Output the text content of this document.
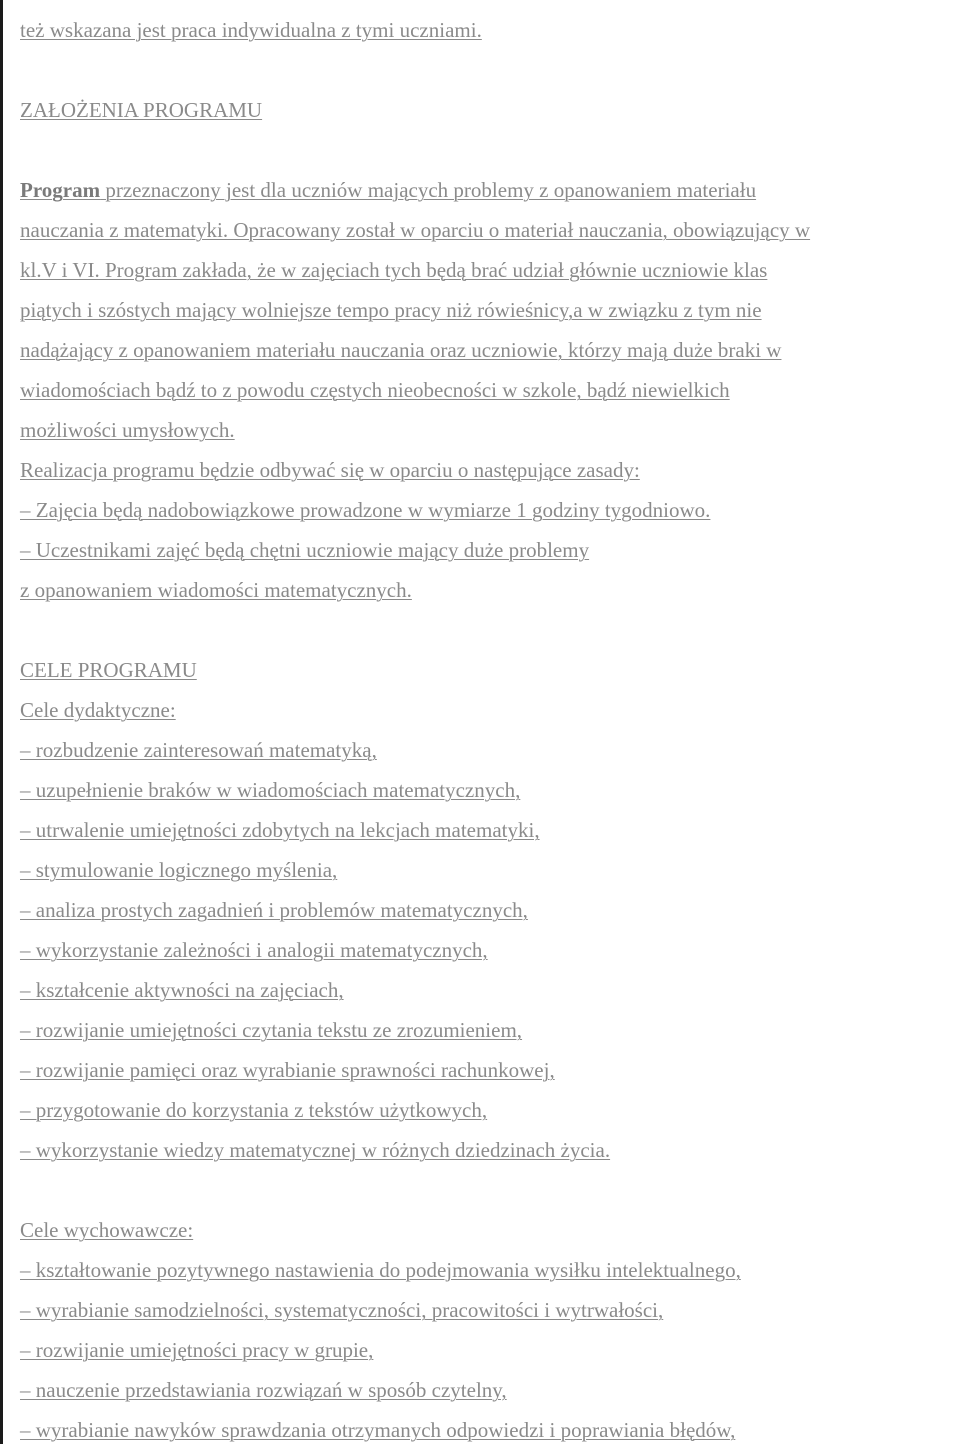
też wskazana jest praca indywidualna z tymi uczniami.
ZAŁOŻENIA PROGRAMU
Program przeznaczony jest dla uczniów mających problemy z opanowaniem materiału
nauczania z matematyki. Opracowany został w oparciu o materiał nauczania, obowiązujący w
kl.V i VI. Program zakłada, że w zajęciach tych będą brać udział głównie uczniowie klas
piątych i szóstych mający wolniejsze tempo pracy niż rówieśnicy,a w związku z tym nie
nadążający z opanowaniem materiału nauczania oraz uczniowie, którzy mają duże braki w
wiadomościach bądź to z powodu częstych nieobecności w szkole, bądź niewielkich
możliwości umysłowych.
Realizacja programu będzie odbywać się w oparciu o następujące zasady:
– Zajęcia będą nadobowiązkowe prowadzone w wymiarze 1 godziny tygodniowo.
– Uczestnikami zajęć będą chętni uczniowie mający duże problemy
z opanowaniem wiadomości matematycznych.
CELE PROGRAMU
Cele dydaktyczne:
– rozbudzenie zainteresowań matematyką,
– uzupełnienie braków w wiadomościach matematycznych,
– utrwalenie umiejętności zdobytych na lekcjach matematyki,
– stymulowanie logicznego myślenia,
– analiza prostych zagadnień i problemów matematycznych,
– wykorzystanie zależności i analogii matematycznych,
– kształcenie aktywności na zajęciach,
– rozwijanie umiejętności czytania tekstu ze zrozumieniem,
– rozwijanie pamięci oraz wyrabianie sprawności rachunkowej,
– przygotowanie do korzystania z tekstów użytkowych,
– wykorzystanie wiedzy matematycznej w różnych dziedzinach życia.
Cele wychowawcze:
– kształtowanie pozytywnego nastawienia do podejmowania wysiłku intelektualnego,
– wyrabianie samodzielności, systematyczności, pracowitości i wytrwałości,
– rozwijanie umiejętności pracy w grupie,
– nauczenie przedstawiania rozwiązań w sposób czytelny,
– wyrabianie nawyków sprawdzania otrzymanych odpowiedzi i poprawiania błędów,
